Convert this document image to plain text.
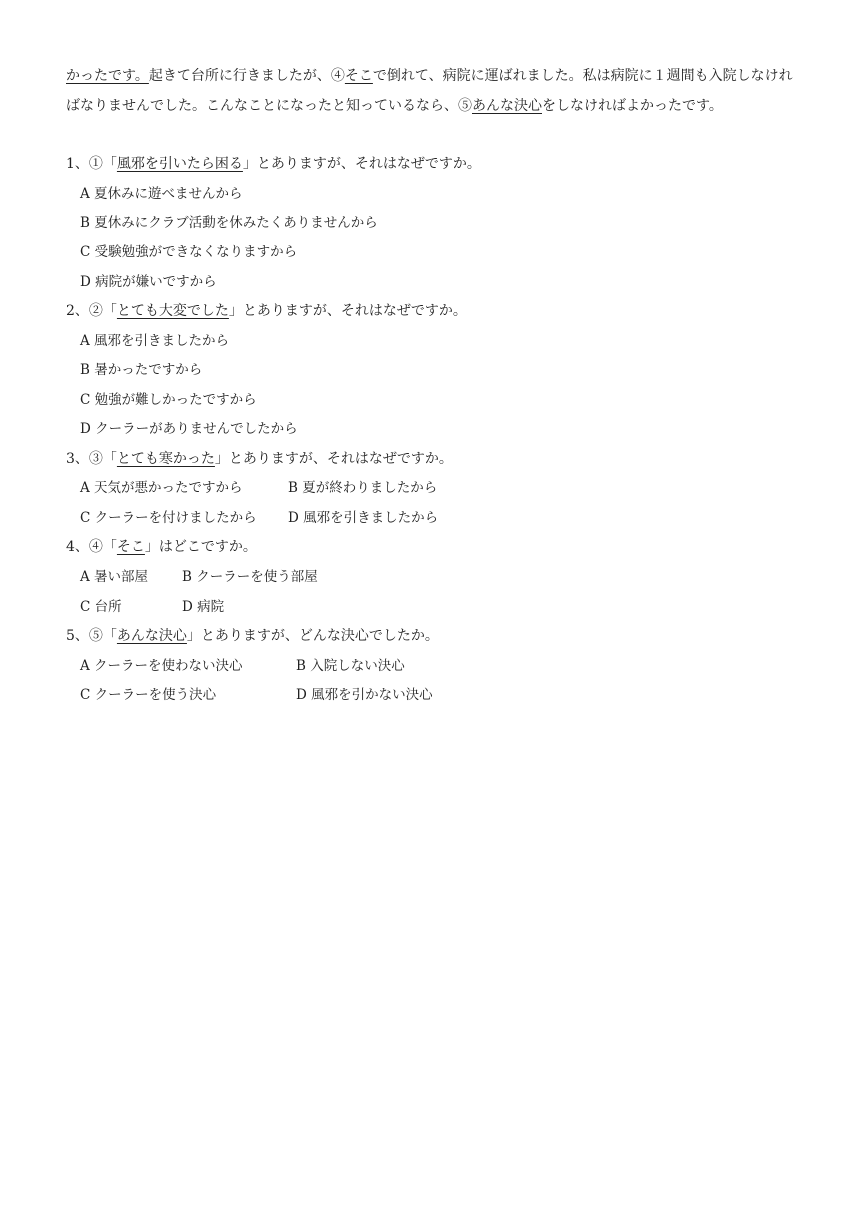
かったです。起きて台所に行きましたが、④そこで倒れて、病院に運ばれました。私は病院に１週間も入院しなければなりませんでした。こんなことになったと知っているなら、⑤あんな決心をしなければよかったです。

1、①「風邪を引いたら困る」とありますが、それはなぜですか。
A 夏休みに遊べませんから
B 夏休みにクラブ活動を休みたくありませんから
C 受験勉強ができなくなりますから
D 病院が嫌いですから
2、②「とても大変でした」とありますが、それはなぜですか。
A 風邪を引きましたから
B 暑かったですから
C 勉強が難しかったですから
D クーラーがありませんでしたから
3、③「とても寒かった」とありますが、それはなぜですか。
A 天気が悪かったですから	B 夏が終わりましたから
C クーラーを付けましたから D 風邪を引きましたから
4、④「そこ」はどこですか。
A 暑い部屋	B クーラーを使う部屋
C 台所	D 病院
5、⑤「あんな決心」とありますが、どんな決心でしたか。
A クーラーを使わない決心	B 入院しない決心
C クーラーを使う決心	D 風邪を引かない決心
